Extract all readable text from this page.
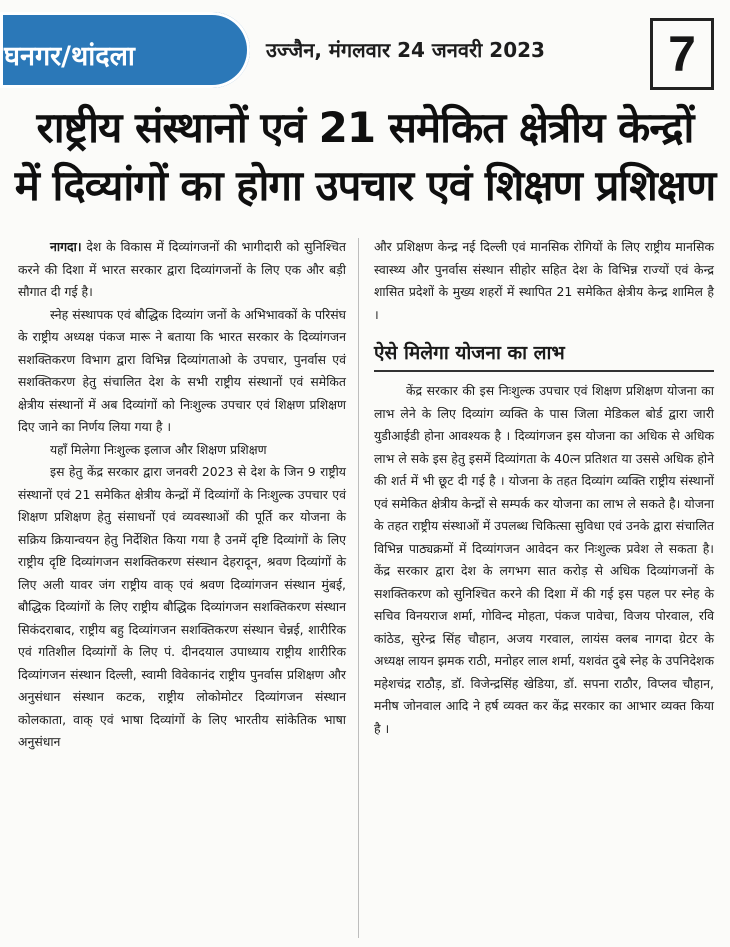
घनगर/थांदला	उज्जैन, मंगलवार 24 जनवरी 2023	7
राष्ट्रीय संस्थानों एवं 21 समेकित क्षेत्रीय केन्द्रों
में दिव्यांगों का होगा उपचार एवं शिक्षण प्रशिक्षण

नागदा। देश के विकास में दिव्यांगजनों की भागीदारी को सुनिश्चित करने की दिशा में भारत सरकार द्वारा दिव्यांगजनों के लिए एक और बड़ी सौगात दी गई है।

स्नेह संस्थापक एवं बौद्धिक दिव्यांग जनों के अभिभावकों के परिसंघ के राष्ट्रीय अध्यक्ष पंकज मारू ने बताया कि भारत सरकार के दिव्यांगजन सशक्तिकरण विभाग द्वारा विभिन्न दिव्यांगताओ के उपचार, पुनर्वास एवं सशक्तिकरण हेतु संचालित देश के सभी राष्ट्रीय संस्थानों एवं समेकित क्षेत्रीय संस्थानों में अब दिव्यांगों को निःशुल्क उपचार एवं शिक्षण प्रशिक्षण दिए जाने का निर्णय लिया गया है ।

यहाँ मिलेगा निःशुल्क इलाज और शिक्षण प्रशिक्षण

इस हेतु केंद्र सरकार द्वारा जनवरी 2023 से देश के जिन 9 राष्ट्रीय संस्थानों एवं 21 समेकित क्षेत्रीय केन्द्रों में दिव्यांगों के निःशुल्क उपचार एवं शिक्षण प्रशिक्षण हेतु संसाधनों एवं व्यवस्थाओं की पूर्ति कर योजना के सक्रिय क्रियान्वयन हेतु निर्देशित किया गया है उनमें दृष्टि दिव्यांगों के लिए राष्ट्रीय दृष्टि दिव्यांगजन सशक्तिकरण संस्थान देहरादून, श्रवण दिव्यांगों के लिए अली यावर जंग राष्ट्रीय वाक् एवं श्रवण दिव्यांगजन संस्थान मुंबई, बौद्धिक दिव्यांगों के लिए राष्ट्रीय बौद्धिक दिव्यांगजन सशक्तिकरण संस्थान सिकंदराबाद, राष्ट्रीय बहु दिव्यांगजन सशक्तिकरण संस्थान चेन्नई, शारीरिक एवं गतिशील दिव्यांगों के लिए पं. दीनदयाल उपाध्याय राष्ट्रीय शारीरिक दिव्यांगजन संस्थान दिल्ली, स्वामी विवेकानंद राष्ट्रीय पुनर्वास प्रशिक्षण और अनुसंधान संस्थान कटक, राष्ट्रीय लोकोमोटर दिव्यांगजन संस्थान कोलकाता, वाक् एवं भाषा दिव्यांगों के लिए भारतीय सांकेतिक भाषा अनुसंधान

और प्रशिक्षण केन्द्र नई दिल्ली एवं मानसिक रोगियों के लिए राष्ट्रीय मानसिक स्वास्थ्य और पुनर्वास संस्थान सीहोर सहित देश के विभिन्न राज्यों एवं केन्द्र शासित प्रदेशों के मुख्य शहरों में स्थापित 21 समेकित क्षेत्रीय केन्द्र शामिल है ।

ऐसे मिलेगा योजना का लाभ

केंद्र सरकार की इस निःशुल्क उपचार एवं शिक्षण प्रशिक्षण योजना का लाभ लेने के लिए दिव्यांग व्यक्ति के पास जिला मेडिकल बोर्ड द्वारा जारी युडीआईडी होना आवश्यक है । दिव्यांगजन इस योजना का अधिक से अधिक लाभ ले सके इस हेतु इसमें दिव्यांगता के 40त्न प्रतिशत या उससे अधिक होने की शर्त में भी छूट दी गई है । योजना के तहत दिव्यांग व्यक्ति राष्ट्रीय संस्थानों एवं समेकित क्षेत्रीय केन्द्रों से सम्पर्क कर योजना का लाभ ले सकते है। योजना के तहत राष्ट्रीय संस्थाओं में उपलब्ध चिकित्सा सुविधा एवं उनके द्वारा संचालित विभिन्न पाठ्यक्रमों में दिव्यांगजन आवेदन कर निःशुल्क प्रवेश ले सकता है। केंद्र सरकार द्वारा देश के लगभग सात करोड़ से अधिक दिव्यांगजनों के सशक्तिकरण को सुनिश्चित करने की दिशा में की गई इस पहल पर स्नेह के सचिव विनयराज शर्मा, गोविन्द मोहता, पंकज पावेचा, विजय पोरवाल, रवि कांठेड, सुरेन्द्र सिंह चौहान, अजय गरवाल, लायंस क्लब नागदा ग्रेटर के अध्यक्ष लायन झमक राठी, मनोहर लाल शर्मा, यशवंत दुबे स्नेह के उपनिदेशक महेशचंद्र राठौड़, डॉ. विजेन्द्रसिंह खेडिया, डॉ. सपना राठौर, विप्लव चौहान, मनीष जोनवाल आदि ने हर्ष व्यक्त कर केंद्र सरकार का आभार व्यक्त किया है ।
